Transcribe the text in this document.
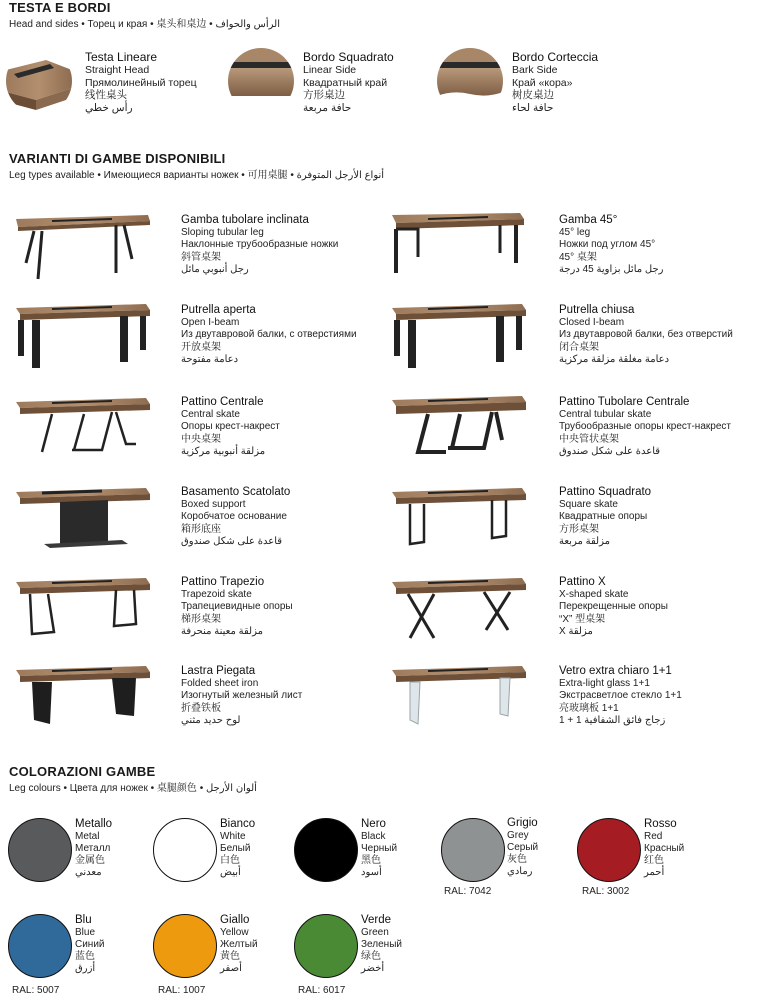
TESTA E BORDI
Head and sides • Торец и края • 桌头和桌边 • الرأس والحواف
Testa Lineare
Straight Head
Прямолинейный торец
线性桌头
رأس خطي
Bordo Squadrato
Linear Side
Квадратный край
方形桌边
حافة مربعة
Bordo Corteccia
Bark Side
Край «кора»
树皮桌边
حافة لحاء
VARIANTI DI GAMBE DISPONIBILI
Leg types available • Имеющиеся варианты ножек • 可用桌腿 • أنواع الأرجل المتوفرة
Gamba tubolare inclinata
Sloping tubular leg
Наклонные трубообразные ножки
斜管桌架
رجل أنبوبي مائل
Gamba 45°
45° leg
Ножки под углом 45°
45° 桌架
رجل مائل بزاوية 45 درجة
Putrella aperta
Open I-beam
Из двутавровой балки, с отверстиями
开放桌架
دعامة مفتوحة
Putrella chiusa
Closed I-beam
Из двутавровой балки, без отверстий
闭合桌架
دعامة مغلقة مزلقة مركزية
Pattino Centrale
Central skate
Опоры крест-накрест
中央桌架
مزلقة أنبوبية مركزية
Pattino Tubolare Centrale
Central tubular skate
Трубообразные опоры крест-накрест
中央管状桌架
قاعدة على شكل صندوق
Basamento Scatolato
Boxed support
Коробчатое основание
箱形底座
قاعدة على شكل صندوق
Pattino Squadrato
Square skate
Квадратные опоры
方形桌架
مزلقة مربعة
Pattino Trapezio
Trapezoid skate
Трапециевидные опоры
梯形桌架
مزلقة معينة منحرفة
Pattino X
X-shaped skate
Перекрещенные опоры
“X” 型桌架
X مزلقة
Lastra Piegata
Folded sheet iron
Изогнутый железный лист
折叠铁板
لوح حديد مثني
Vetro extra chiaro 1+1
Extra-light glass 1+1
Экстрасветлое стекло 1+1
亮玻璃板 1+1
زجاج فائق الشفافية 1 + 1
COLORAZIONI GAMBE
Leg colours • Цвета для ножек • 桌腿颜色 • ألوان الأرجل
Metallo
Metal
Металл
金属色
معدني
Bianco
White
Белый
白色
أبيض
Nero
Black
Черный
黑色
أسود
Grigio
Grey
Серый
灰色
رمادي
RAL: 7042
Rosso
Red
Красный
红色
أحمر
RAL: 3002
Blu
Blue
Синий
蓝色
أزرق
RAL: 5007
Giallo
Yellow
Желтый
黄色
أصفر
RAL: 1007
Verde
Green
Зеленый
绿色
أخضر
RAL: 6017
